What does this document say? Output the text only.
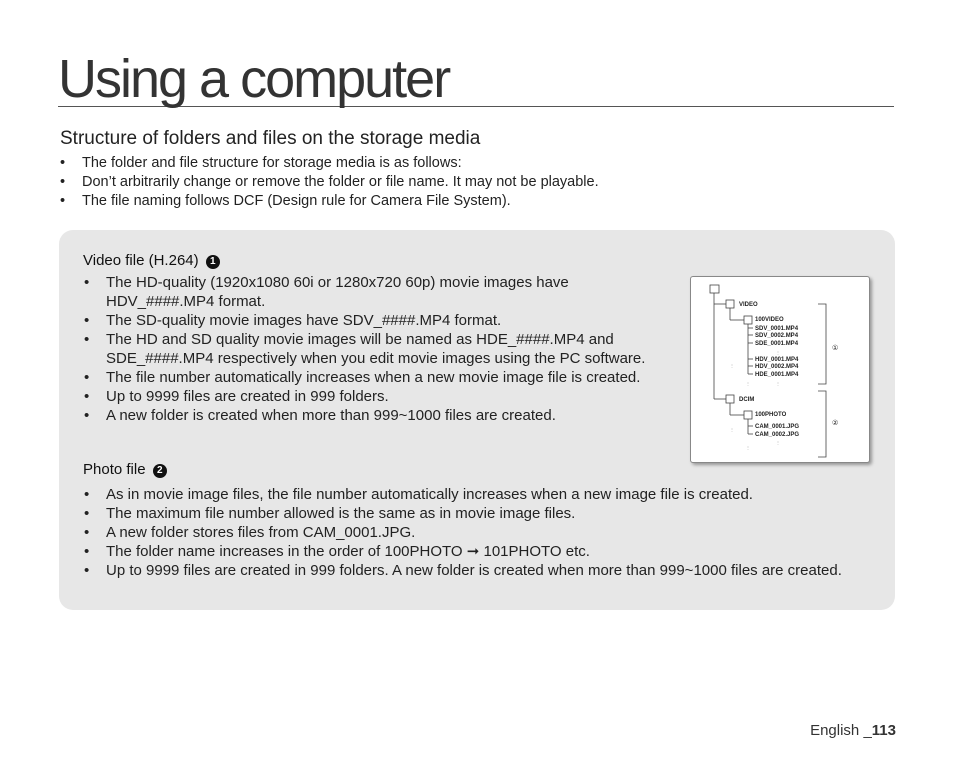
Using a computer
Structure of folders and files on the storage media
• The folder and file structure for storage media is as follows:
• Don’t arbitrarily change or remove the folder or file name. It may not be playable.
• The file naming follows DCF (Design rule for Camera File System).
Video file (H.264) 1
• The HD-quality (1920x1080 60i or 1280x720 60p) movie images have HDV_####.MP4 format.
• The SD-quality movie images have SDV_####.MP4 format.
• The HD and SD quality movie images will be named as HDE_####.MP4 and SDE_####.MP4 respectively when you edit movie images using the PC software.
• The file number automatically increases when a new movie image file is created.
• Up to 9999 files are created in 999 folders.
• A new folder is created when more than 999~1000 files are created.
⋮
⋮
⋮
⋮
⋮
⋮
⋮
VIDEO
100VIDEO
SDV_0001.MP4
SDV_0002.MP4
SDE_0001.MP4
HDV_0001.MP4
HDV_0002.MP4
HDE_0001.MP4
DCIM
100PHOTO
CAM_0001.JPG
CAM_0002.JPG
①
②
Photo file 2
• As in movie image files, the file number automatically increases when a new image file is created.
• The maximum file number allowed is the same as in movie image files.
• A new folder stores files from CAM_0001.JPG.
• The folder name increases in the order of 100PHOTO ➞ 101PHOTO etc.
• Up to 9999 files are created in 999 folders. A new folder is created when more than 999~1000 files are created.
English _113
